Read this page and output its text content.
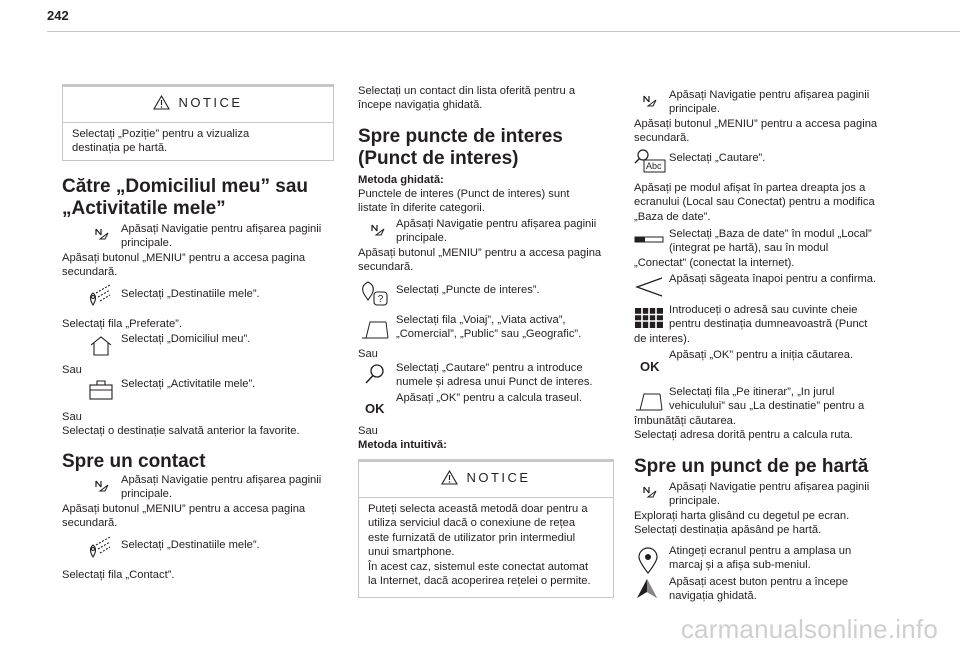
242
NOTICE
Selectați „Poziție” pentru a vizualiza
destinația pe hartă.
Către „Domiciliul meu” sau
„Activitatile mele”
Apăsați Navigatie pentru afișarea paginii
principale.
Apăsați butonul „MENIU” pentru a accesa pagina
secundară.
Selectați „Destinatiile mele”.
Selectați fila „Preferate”.
Selectați „Domiciliul meu”.
Sau
Selectați „Activitatile mele”.
Sau
Selectați o destinație salvată anterior la favorite.
Spre un contact
Apăsați Navigatie pentru afișarea paginii
principale.
Apăsați butonul „MENIU” pentru a accesa pagina
secundară.
Selectați „Destinatiile mele”.
Selectați fila „Contact”.
Selectați un contact din lista oferită pentru a
începe navigația ghidată.
Spre puncte de interes
(Punct de interes)
Metoda ghidată:
Punctele de interes (Punct de interes) sunt
listate în diferite categorii.
Apăsați Navigatie pentru afișarea paginii
principale.
Apăsați butonul „MENIU” pentru a accesa pagina
secundară.
?
Selectați „Puncte de interes”.
Selectați fila „Voiaj”, „Viata activa”,
„Comercial”, „Public” sau „Geografic”.
Sau
Selectați „Cautare” pentru a introduce
numele și adresa unui Punct de interes.
OK
Apăsați „OK” pentru a calcula traseul.
Sau
Metoda intuitivă:
NOTICE
Puteți selecta această metodă doar pentru a
utiliza serviciul dacă o conexiune de rețea
este furnizată de utilizator prin intermediul
unui smartphone.
În acest caz, sistemul este conectat automat
la Internet, dacă acoperirea rețelei o permite.
Apăsați Navigatie pentru afișarea paginii
principale.
Apăsați butonul „MENIU” pentru a accesa pagina
secundară.
Abc
Selectați „Cautare”.
Apăsați pe modul afișat în partea dreapta jos a
ecranului (Local sau Conectat) pentru a modifica
„Baza de date”.
Selectați „Baza de date” în modul „Local”
(integrat pe hartă), sau în modul
„Conectat” (conectat la internet).
Apăsați săgeata înapoi pentru a confirma.
Introduceți o adresă sau cuvinte cheie
pentru destinația dumneavoastră (Punct
de interes).
OK
Apăsați „OK” pentru a iniția căutarea.
Selectați fila „Pe itinerar”, „In jurul
vehiculului” sau „La destinatie” pentru a
îmbunătăți căutarea.
Selectați adresa dorită pentru a calcula ruta.
Spre un punct de pe hartă
Apăsați Navigatie pentru afișarea paginii
principale.
Explorați harta glisând cu degetul pe ecran.
Selectați destinația apăsând pe hartă.
Atingeți ecranul pentru a amplasa un
marcaj și a afișa sub-meniul.
Apăsați acest buton pentru a începe
navigația ghidată.
carmanualsonline.info
